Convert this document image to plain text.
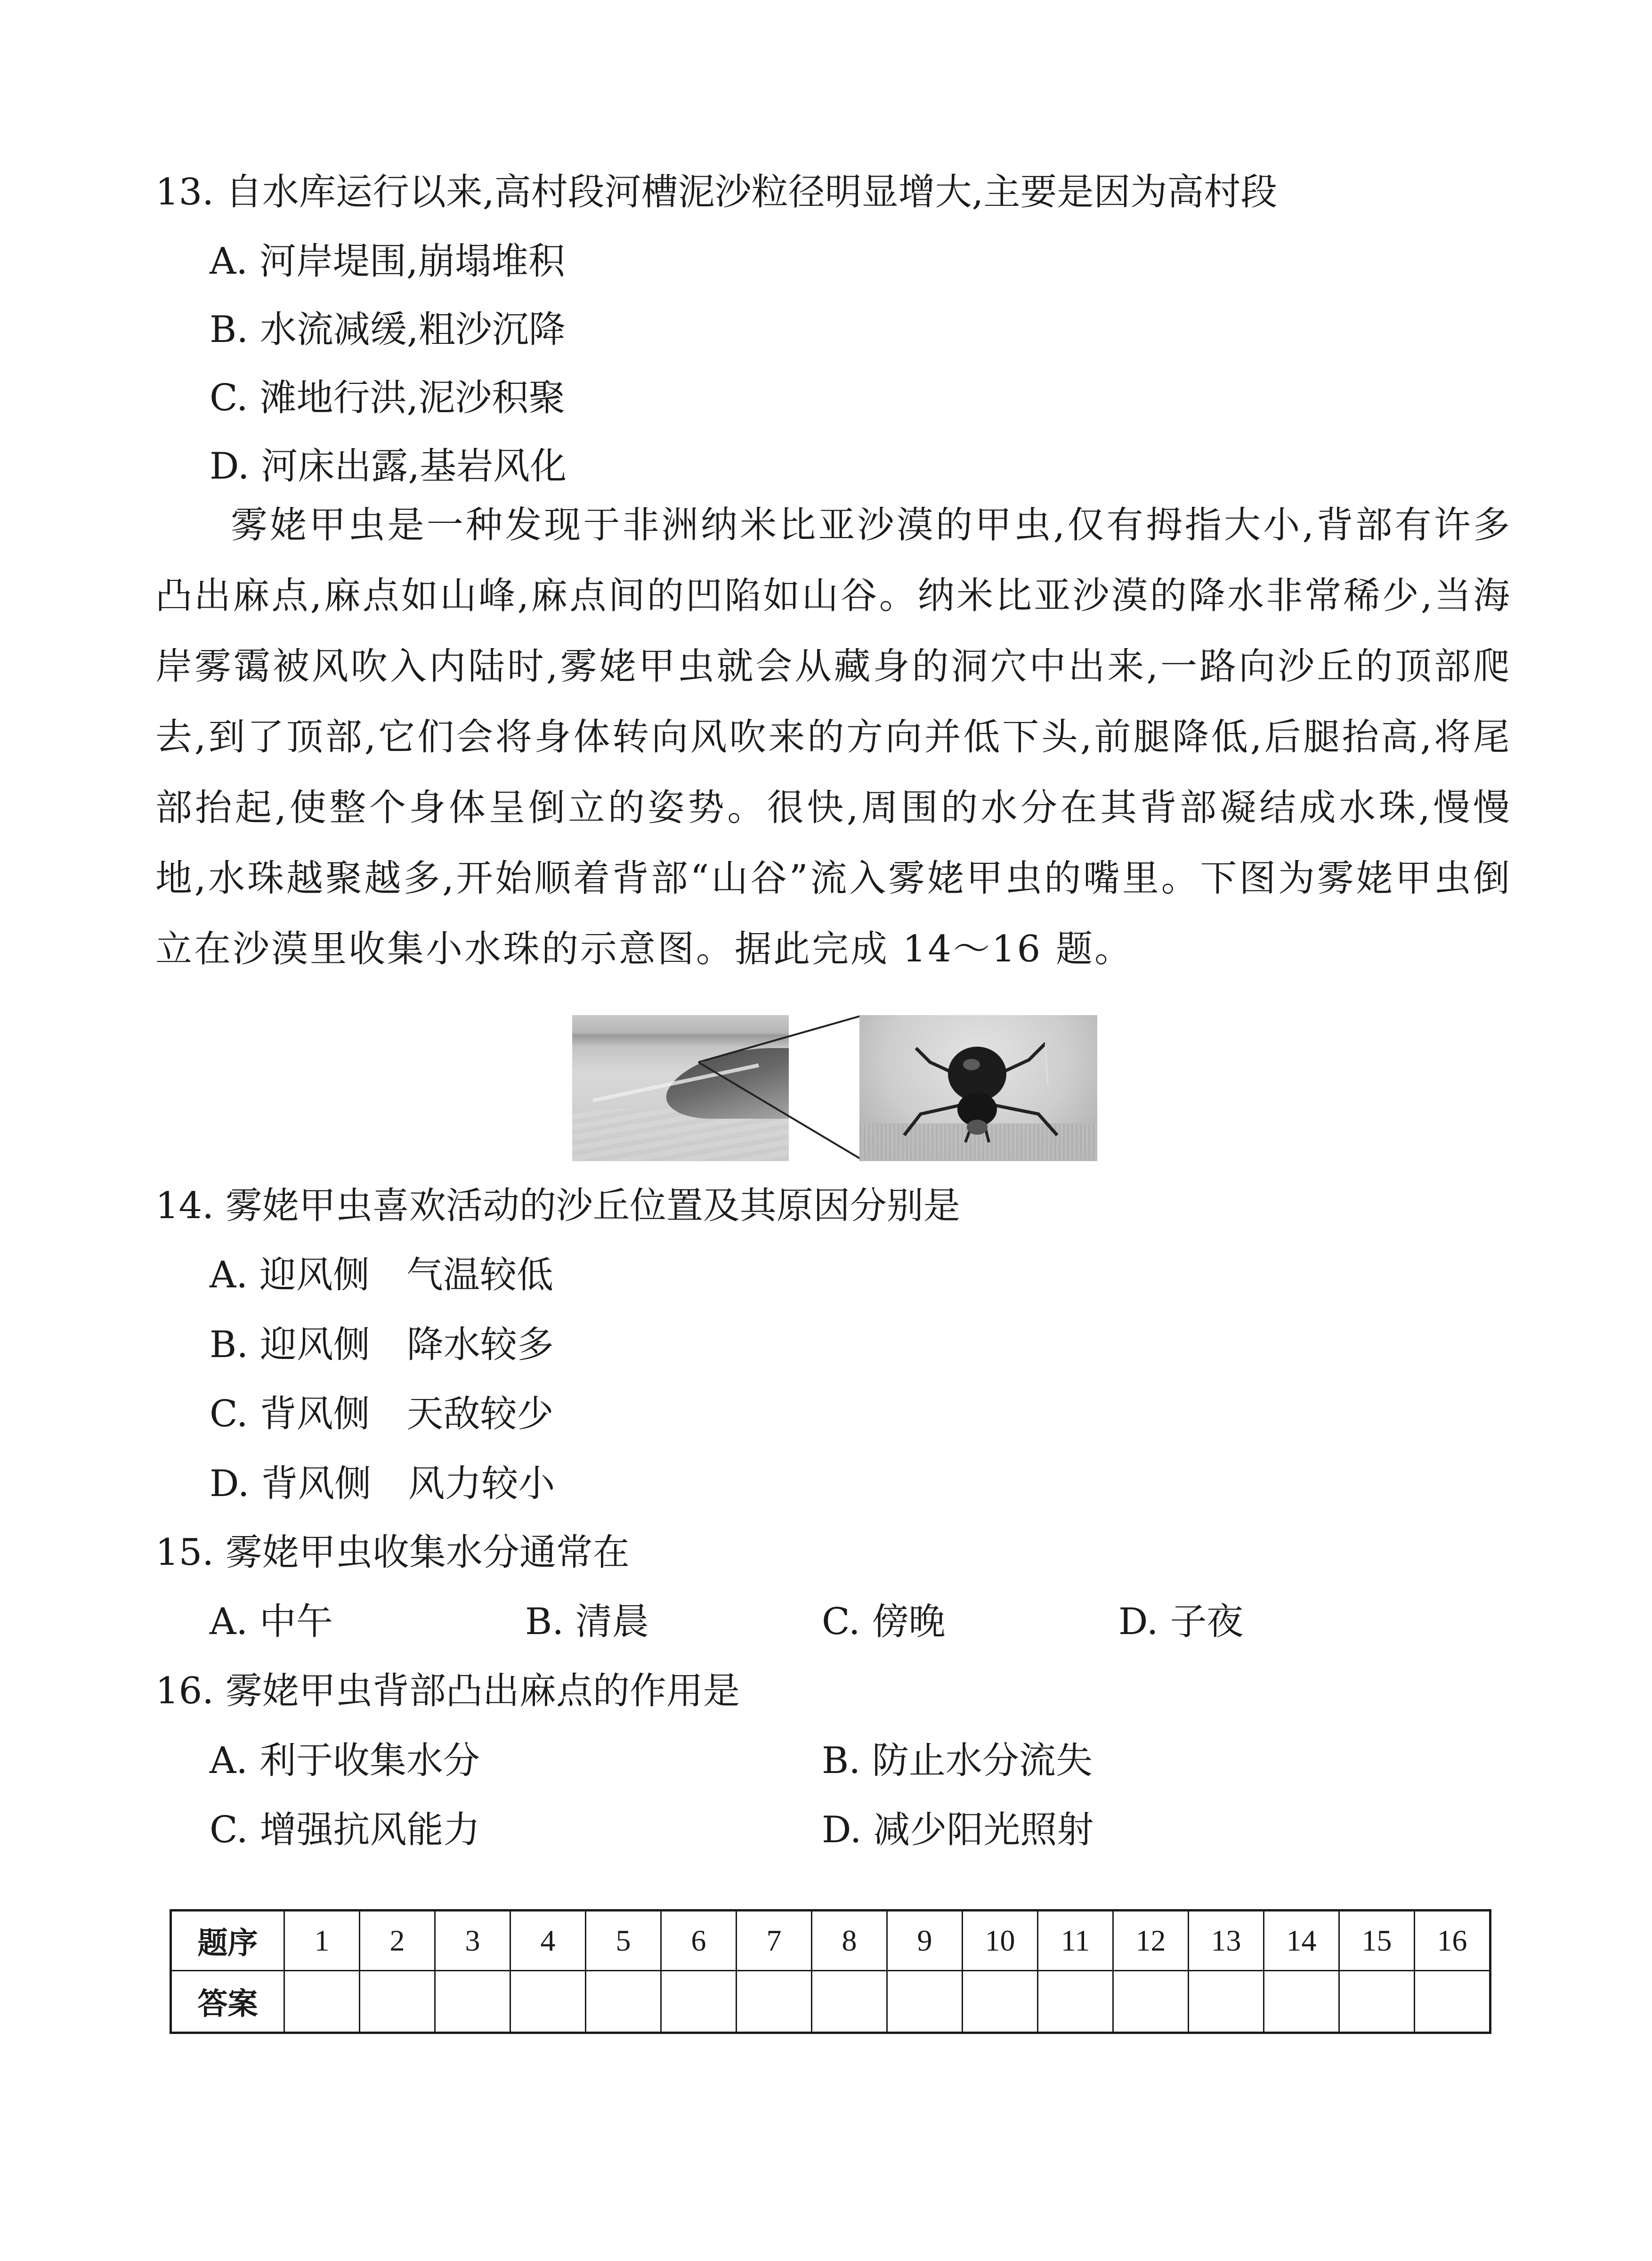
13. 自水库运行以来,高村段河槽泥沙粒径明显增大,主要是因为高村段
A. 河岸堤围,崩塌堆积
B. 水流减缓,粗沙沉降
C. 滩地行洪,泥沙积聚
D. 河床出露,基岩风化
雾姥甲虫是一种发现于非洲纳米比亚沙漠的甲虫,仅有拇指大小,背部有许多凸出麻点,麻点如山峰,麻点间的凹陷如山谷。纳米比亚沙漠的降水非常稀少,当海岸雾霭被风吹入内陆时,雾姥甲虫就会从藏身的洞穴中出来,一路向沙丘的顶部爬去,到了顶部,它们会将身体转向风吹来的方向并低下头,前腿降低,后腿抬高,将尾部抬起,使整个身体呈倒立的姿势。很快,周围的水分在其背部凝结成水珠,慢慢地,水珠越聚越多,开始顺着背部“山谷”流入雾姥甲虫的嘴里。下图为雾姥甲虫倒立在沙漠里收集小水珠的示意图。据此完成 14～16 题。
14. 雾姥甲虫喜欢活动的沙丘位置及其原因分别是
A. 迎风侧　气温较低
B. 迎风侧　降水较多
C. 背风侧　天敌较少
D. 背风侧　风力较小
15. 雾姥甲虫收集水分通常在
A. 中午	B. 清晨	C. 傍晚	D. 子夜
16. 雾姥甲虫背部凸出麻点的作用是
A. 利于收集水分	B. 防止水分流失
C. 增强抗风能力	D. 减少阳光照射
题序	1	2	3	4	5	6	7	8	9	10	11	12	13	14	15	16
答案																
